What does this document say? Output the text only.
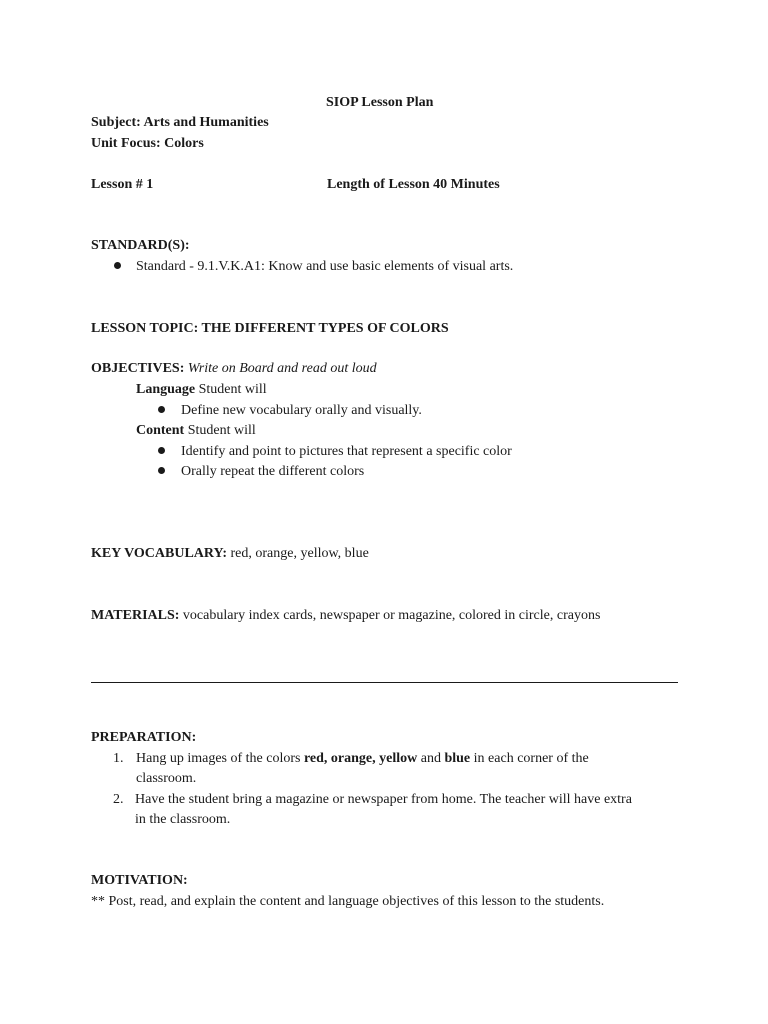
SIOP Lesson Plan
Subject: Arts and Humanities
Unit Focus: Colors
Lesson # 1	Length of Lesson 40 Minutes
STANDARD(S):
Standard - 9.1.V.K.A1: Know and use basic elements of visual arts.
LESSON TOPIC: THE DIFFERENT TYPES OF COLORS
OBJECTIVES: Write on Board and read out loud
Language Student will
Define new vocabulary orally and visually.
Content Student will
Identify and point to pictures that represent a specific color
Orally repeat the different colors
KEY VOCABULARY: red, orange, yellow, blue
MATERIALS: vocabulary index cards, newspaper or magazine, colored in circle, crayons
PREPARATION:
1. Hang up images of the colors red, orange, yellow and blue in each corner of the
classroom.
2. Have the student bring a magazine or newspaper from home. The teacher will have extra
in the classroom.
MOTIVATION:
** Post, read, and explain the content and language objectives of this lesson to the students.
